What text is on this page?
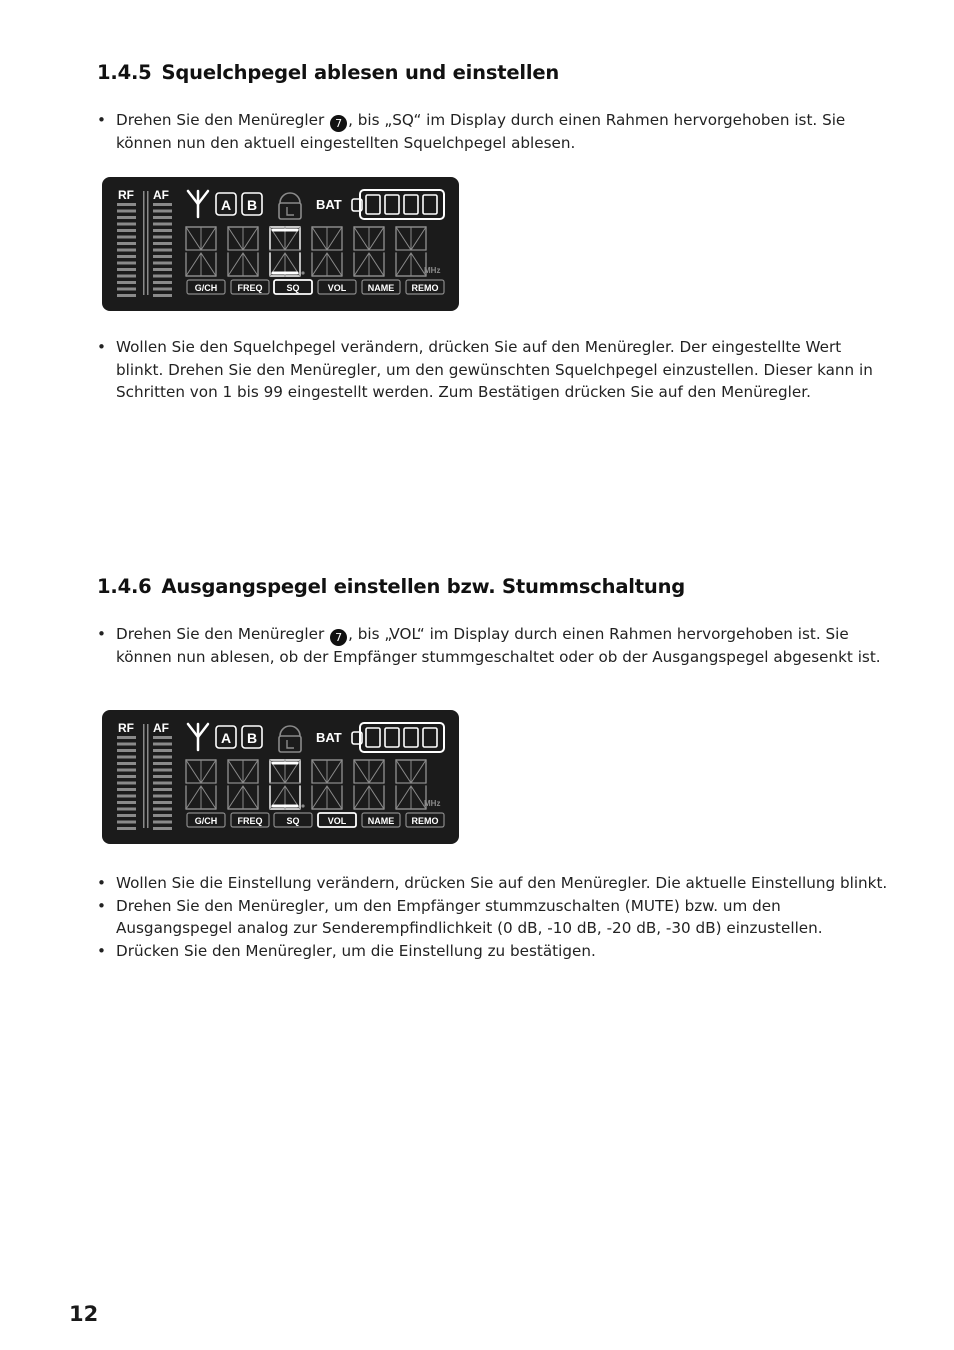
1.4.5 Squelchpegel ablesen und einstellen
• Drehen Sie den Menüregler 7 , bis „SQ“ im Display durch einen Rahmen hervorgehoben ist. Sie können nun den aktuell eingestellten Squelchpegel ablesen.
RF AF
A B	BAT
MHz
G/CH FREQ	SQ	VOL NAME REMO
• Wollen Sie den Squelchpegel verändern, drücken Sie auf den Menüregler. Der eingestellte Wert blinkt. Drehen Sie den Menüregler, um den gewünschten Squelchpegel einzustellen. Dieser kann in Schritten von 1 bis 99 eingestellt werden. Zum Bestätigen drücken Sie auf den Menüregler.
1.4.6 Ausgangspegel einstellen bzw. Stummschaltung
• Drehen Sie den Menüregler 7 , bis „VOL“ im Display durch einen Rahmen hervorgehoben ist. Sie können nun ablesen, ob der Empfänger stummgeschaltet oder ob der Ausgangspegel abgesenkt ist.
RF AF
A B	BAT
MHz
G/CH FREQ	SQ	VOL NAME REMO
• Wollen Sie die Einstellung verändern, drücken Sie auf den Menüregler. Die aktuelle Einstellung blinkt.
• Drehen Sie den Menüregler, um den Empfänger stummzuschalten (MUTE) bzw. um den Ausgangspegel analog zur Senderempfindlichkeit (0 dB, -10 dB, -20 dB, -30 dB) einzustellen.
• Drücken Sie den Menüregler, um die Einstellung zu bestätigen.
12
